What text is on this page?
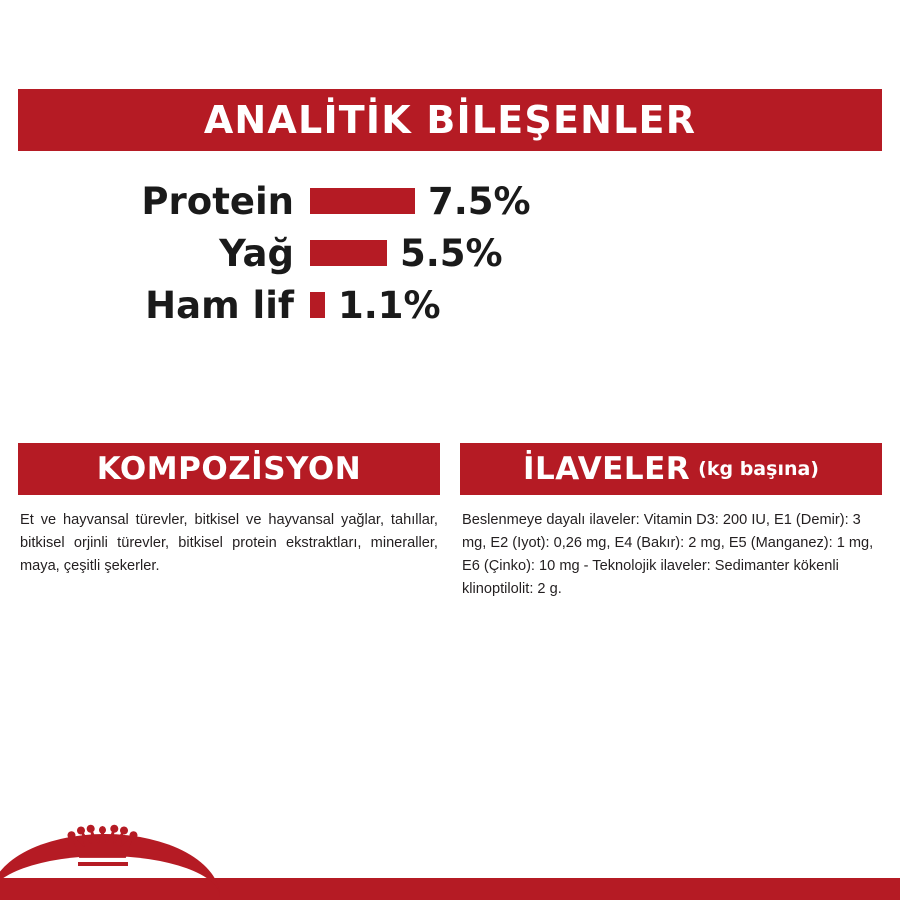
ANALİTİK BİLEŞENLER
Protein	7.5%
Yağ	5.5%
Ham lif	1.1%
KOMPOZİSYON
Et ve hayvansal türevler, bitkisel ve hayvansal yağlar, tahıllar, bitkisel orjinli türevler, bitkisel protein ekstraktları, mineraller, maya, çeşitli şekerler.
İLAVELER (kg başına)
Beslenmeye dayalı ilaveler: Vitamin D3: 200 IU, E1 (Demir): 3 mg, E2 (Iyot): 0,26 mg, E4 (Bakır): 2 mg, E5 (Manganez): 1 mg, E6 (Çinko): 10 mg - Teknolojik ilaveler: Sedimanter kökenli klinoptilolit: 2 g.
